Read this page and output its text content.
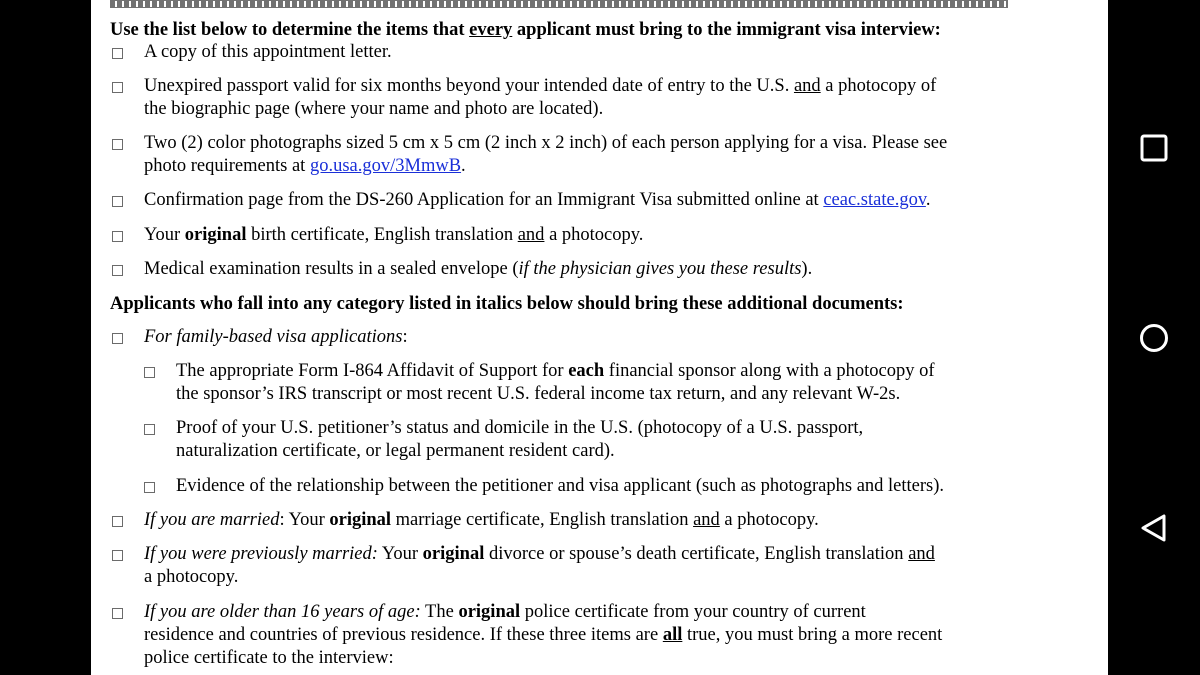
Use the list below to determine the items that every applicant must bring to the immigrant visa interview:
A copy of this appointment letter.
Unexpired passport valid for six months beyond your intended date of entry to the U.S. and a photocopy of
the biographic page (where your name and photo are located).
Two (2) color photographs sized 5 cm x 5 cm (2 inch x 2 inch) of each person applying for a visa. Please see
photo requirements at go.usa.gov/3MmwB.
Confirmation page from the DS-260 Application for an Immigrant Visa submitted online at ceac.state.gov.
Your original birth certificate, English translation and a photocopy.
Medical examination results in a sealed envelope (if the physician gives you these results).
Applicants who fall into any category listed in italics below should bring these additional documents:
For family-based visa applications:
The appropriate Form I-864 Affidavit of Support for each financial sponsor along with a photocopy of
the sponsor’s IRS transcript or most recent U.S. federal income tax return, and any relevant W-2s.
Proof of your U.S. petitioner’s status and domicile in the U.S. (photocopy of a U.S. passport,
naturalization certificate, or legal permanent resident card).
Evidence of the relationship between the petitioner and visa applicant (such as photographs and letters).
If you are married: Your original marriage certificate, English translation and a photocopy.
If you were previously married: Your original divorce or spouse’s death certificate, English translation and
a photocopy.
If you are older than 16 years of age: The original police certificate from your country of current
residence and countries of previous residence. If these three items are all true, you must bring a more recent
police certificate to the interview:
